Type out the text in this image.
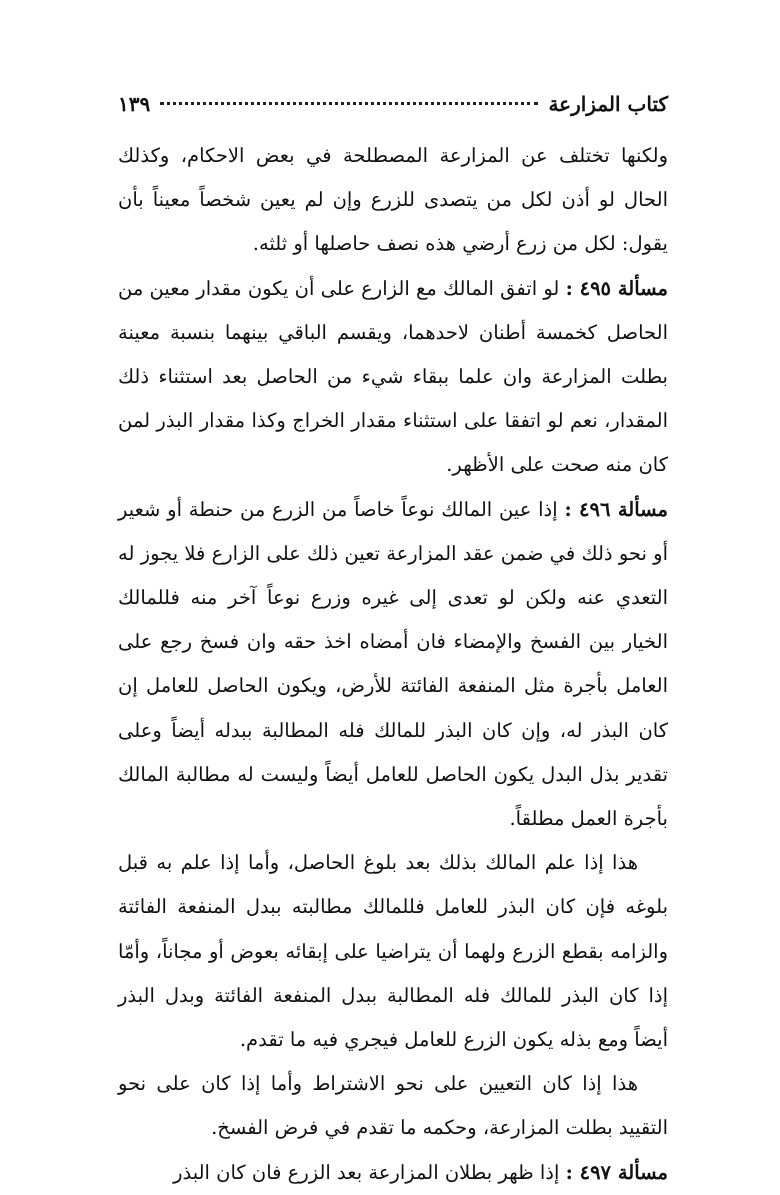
كتاب المزارعة
١٣٩

ولكنها تختلف عن المزارعة المصطلحة في بعض الاحكام، وكذلك الحال لو أذن لكل من يتصدى للزرع وإن لم يعين شخصاً معيناً بأن يقول: لكل من زرع أرضي هذه نصف حاصلها أو ثلثه.

مسألة ٤٩٥ : لو اتفق المالك مع الزارع على أن يكون مقدار معين من الحاصل كخمسة أطنان لاحدهما، ويقسم الباقي بينهما بنسبة معينة بطلت المزارعة وان علما ببقاء شيء من الحاصل بعد استثناء ذلك المقدار، نعم لو اتفقا على استثناء مقدار الخراج وكذا مقدار البذر لمن كان منه صحت على الأظهر.

مسألة ٤٩٦ : إذا عين المالك نوعاً خاصاً من الزرع من حنطة أو شعير أو نحو ذلك في ضمن عقد المزارعة تعين ذلك على الزارع فلا يجوز له التعدي عنه ولكن لو تعدى إلى غيره وزرع نوعاً آخر منه فللمالك الخيار بين الفسخ والإمضاء فان أمضاه اخذ حقه وان فسخ رجع على العامل بأجرة مثل المنفعة الفائتة للأرض، ويكون الحاصل للعامل إن كان البذر له، وإن كان البذر للمالك فله المطالبة ببدله أيضاً وعلى تقدير بذل البدل يكون الحاصل للعامل أيضاً وليست له مطالبة المالك بأجرة العمل مطلقاً.

هذا إذا علم المالك بذلك بعد بلوغ الحاصل، وأما إذا علم به قبل بلوغه فإن كان البذر للعامل فللمالك مطالبته ببدل المنفعة الفائتة والزامه بقطع الزرع ولهما أن يتراضيا على إبقائه بعوض أو مجاناً، وأمّا إذا كان البذر للمالك فله المطالبة ببدل المنفعة الفائتة وبدل البذر أيضاً ومع بذله يكون الزرع للعامل فيجري فيه ما تقدم.

هذا إذا كان التعيين على نحو الاشتراط وأما إذا كان على نحو التقييد بطلت المزارعة، وحكمه ما تقدم في فرض الفسخ.

مسألة ٤٩٧ : إذا ظهر بطلان المزارعة بعد الزرع فان كان البذر
